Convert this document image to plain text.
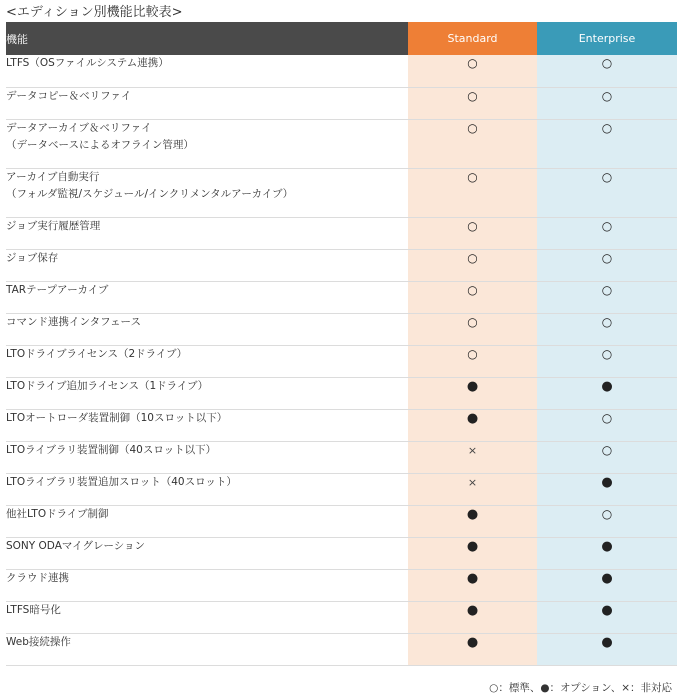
<エディション別機能比較表>
機能	Standard	Enterprise
LTFS（OSファイルシステム連携）	○	○
データコピー＆ベリファイ	○	○
データアーカイブ＆ベリファイ
（データベースによるオフライン管理）	○	○
アーカイブ自動実行
（フォルダ監視/スケジュール/インクリメンタルアーカイブ）	○	○
ジョブ実行履歴管理	○	○
ジョブ保存	○	○
TARテープアーカイブ	○	○
コマンド連携インタフェース	○	○
LTOドライブライセンス（2ドライブ）	○	○
LTOドライブ追加ライセンス（1ドライブ）	●	●
LTOオートローダ装置制御（10スロット以下）	●	○
LTOライブラリ装置制御（40スロット以下）	×	○
LTOライブラリ装置追加スロット（40スロット）	×	●
他社LTOドライブ制御	●	○
SONY ODAマイグレーション	●	●
クラウド連携	●	●
LTFS暗号化	●	●
Web接続操作	●	●
○：標準、●：オプション、×：非対応
